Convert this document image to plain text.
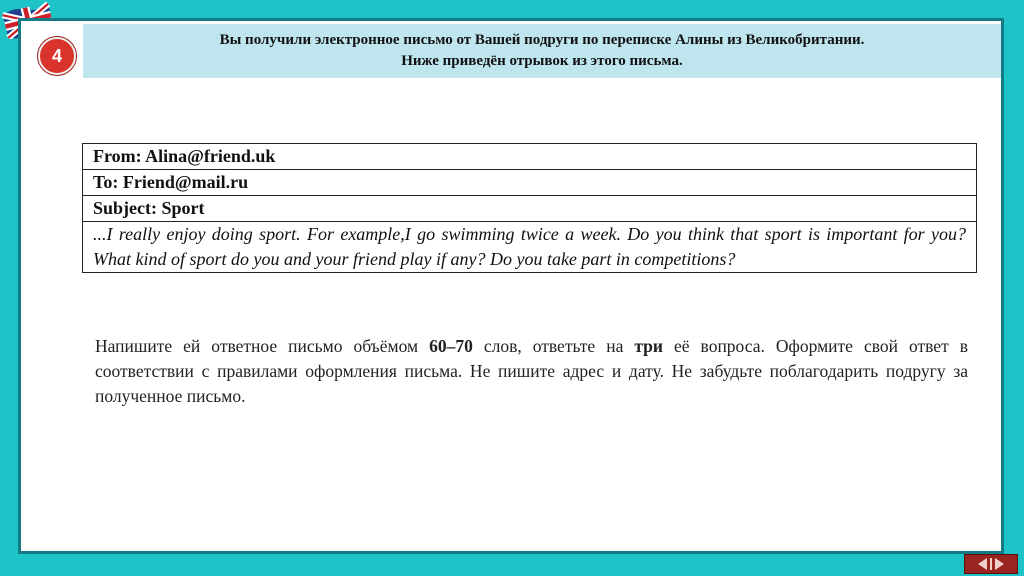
Вы получили электронное письмо от Вашей подруги по переписке Алины из Великобритании.
Ниже приведён отрывок из этого письма.
4
From: Alina@friend.uk
To: Friend@mail.ru
Subject: Sport
...I really enjoy doing sport. For example,I go swimming twice a week. Do you think that sport is important for you? What kind of sport do you and your friend play if any? Do you take part in competitions?
Напишите ей ответное письмо объёмом 60–70 слов, ответьте на три её вопроса. Оформите свой ответ в соответствии с правилами оформления письма. Не пишите адрес и дату. Не забудьте поблагодарить подругу за полученное письмо.
